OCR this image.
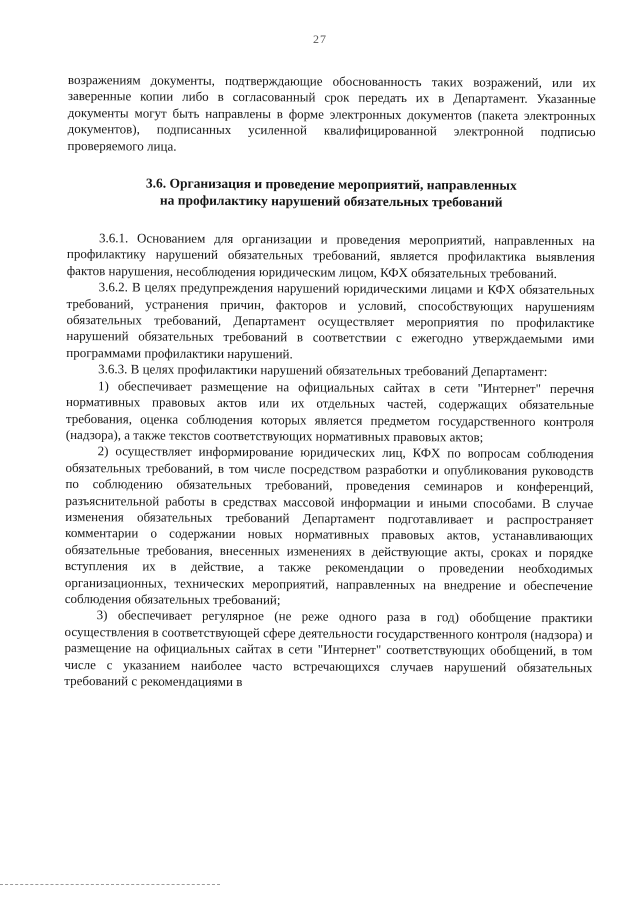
27

возражениям документы, подтверждающие обоснованность таких возражений, или их заверенные копии либо в согласованный срок передать их в Департамент. Указанные документы могут быть направлены в форме электронных документов (пакета электронных документов), подписанных усиленной квалифицированной электронной подписью проверяемого лица.

3.6. Организация и проведение мероприятий, направленных
на профилактику нарушений обязательных требований

3.6.1. Основанием для организации и проведения мероприятий, направленных на профилактику нарушений обязательных требований, является профилактика выявления фактов нарушения, несоблюдения юридическим лицом, КФХ обязательных требований.

3.6.2. В целях предупреждения нарушений юридическими лицами и КФХ обязательных требований, устранения причин, факторов и условий, способствующих нарушениям обязательных требований, Департамент осуществляет мероприятия по профилактике нарушений обязательных требований в соответствии с ежегодно утверждаемыми ими программами профилактики нарушений.

3.6.3. В целях профилактики нарушений обязательных требований Департамент:

1) обеспечивает размещение на официальных сайтах в сети "Интернет" перечня нормативных правовых актов или их отдельных частей, содержащих обязательные требования, оценка соблюдения которых является предметом государственного контроля (надзора), а также текстов соответствующих нормативных правовых актов;

2) осуществляет информирование юридических лиц, КФХ по вопросам соблюдения обязательных требований, в том числе посредством разработки и опубликования руководств по соблюдению обязательных требований, проведения семинаров и конференций, разъяснительной работы в средствах массовой информации и иными способами. В случае изменения обязательных требований Департамент подготавливает и распространяет комментарии о содержании новых нормативных правовых актов, устанавливающих обязательные требования, внесенных изменениях в действующие акты, сроках и порядке вступления их в действие, а также рекомендации о проведении необходимых организационных, технических мероприятий, направленных на внедрение и обеспечение соблюдения обязательных требований;

3) обеспечивает регулярное (не реже одного раза в год) обобщение практики осуществления в соответствующей сфере деятельности государственного контроля (надзора) и размещение на официальных сайтах в сети "Интернет" соответствующих обобщений, в том числе с указанием наиболее часто встречающихся случаев нарушений обязательных требований с рекомендациями в
